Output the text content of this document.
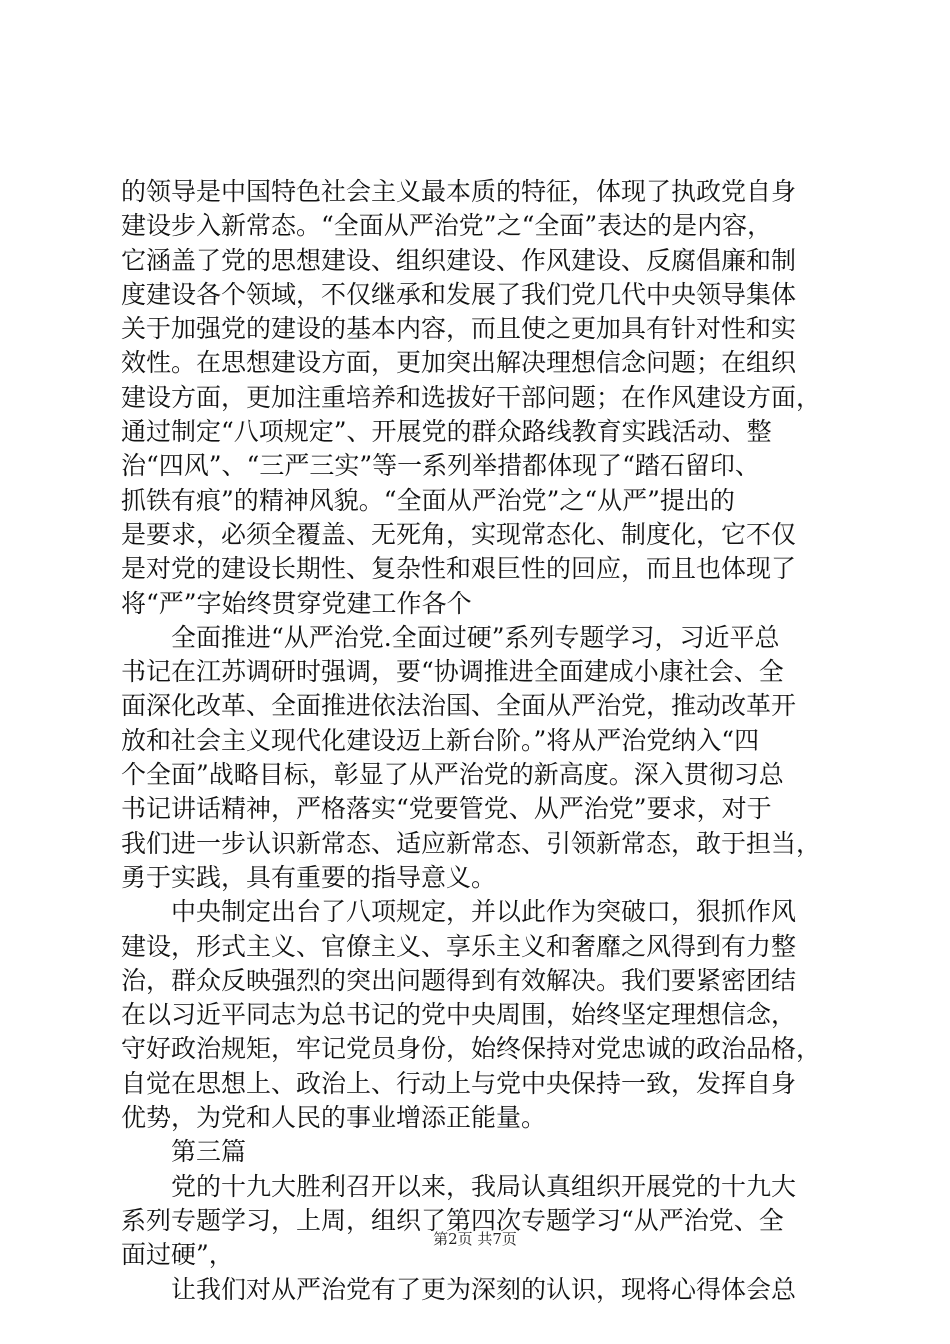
的领导是中国特色社会主义最本质的特征，体现了执政党自身
建设步入新常态。“全面从严治党”之“全面”表达的是内容，
它涵盖了党的思想建设、组织建设、作风建设、反腐倡廉和制
度建设各个领域，不仅继承和发展了我们党几代中央领导集体
关于加强党的建设的基本内容，而且使之更加具有针对性和实
效性。在思想建设方面，更加突出解决理想信念问题；在组织
建设方面，更加注重培养和选拔好干部问题；在作风建设方面，
通过制定“八项规定”、开展党的群众路线教育实践活动、整
治“四风”、“三严三实”等一系列举措都体现了“踏石留印、
抓铁有痕”的精神风貌。“全面从严治党”之“从严”提出的
是要求，必须全覆盖、无死角，实现常态化、制度化，它不仅
是对党的建设长期性、复杂性和艰巨性的回应，而且也体现了
将“严”字始终贯穿党建工作各个
　　全面推进“从严治党.全面过硬”系列专题学习，习近平总
书记在江苏调研时强调，要“协调推进全面建成小康社会、全
面深化改革、全面推进依法治国、全面从严治党，推动改革开
放和社会主义现代化建设迈上新台阶。”将从严治党纳入“四
个全面”战略目标，彰显了从严治党的新高度。深入贯彻习总
书记讲话精神，严格落实“党要管党、从严治党”要求，对于
我们进一步认识新常态、适应新常态、引领新常态，敢于担当，
勇于实践，具有重要的指导意义。
　　中央制定出台了八项规定，并以此作为突破口，狠抓作风
建设，形式主义、官僚主义、享乐主义和奢靡之风得到有力整
治，群众反映强烈的突出问题得到有效解决。我们要紧密团结
在以习近平同志为总书记的党中央周围，始终坚定理想信念，
守好政治规矩，牢记党员身份，始终保持对党忠诚的政治品格，
自觉在思想上、政治上、行动上与党中央保持一致，发挥自身
优势，为党和人民的事业增添正能量。
　　第三篇
　　党的十九大胜利召开以来，我局认真组织开展党的十九大
系列专题学习，上周，组织了第四次专题学习“从严治党、全
面过硬”，
　　让我们对从严治党有了更为深刻的认识，现将心得体会总
第2页 共7页
